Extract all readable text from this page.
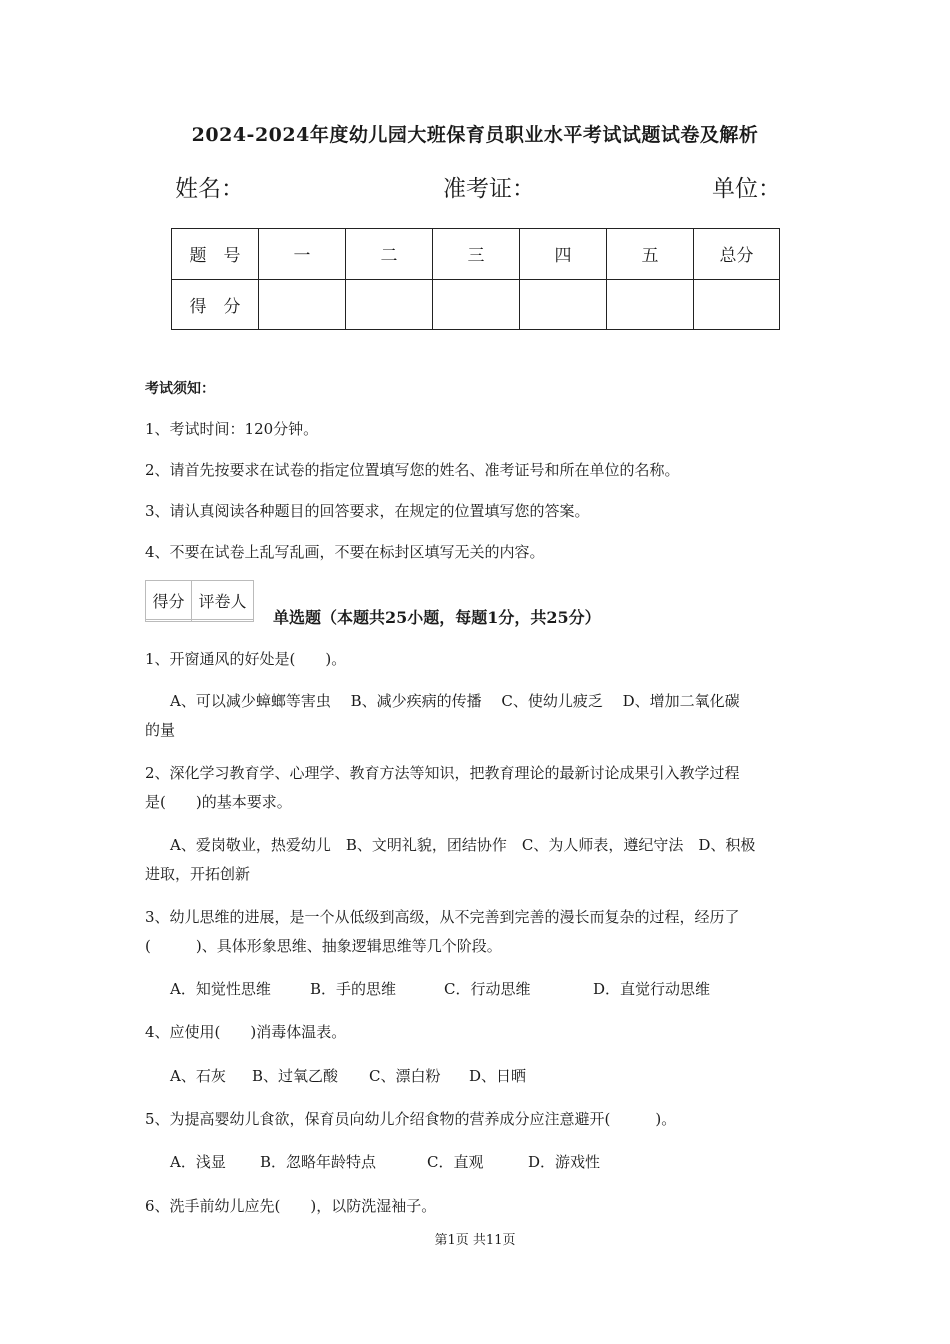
2024-2024年度幼儿园大班保育员职业水平考试试题试卷及解析
姓名：	准考证：	单位：
题　号	一	二	三	四	五	总分
得　分						
考试须知：
1、考试时间：120分钟。
2、请首先按要求在试卷的指定位置填写您的姓名、准考证号和所在单位的名称。
3、请认真阅读各种题目的回答要求，在规定的位置填写您的答案。
4、不要在试卷上乱写乱画，不要在标封区填写无关的内容。
得分	评卷人

单选题（本题共25小题，每题1分，共25分）
1、开窗通风的好处是(　　)。
A、可以减少蟑螂等害虫　 B、减少疾病的传播　 C、使幼儿疲乏　 D、增加二氧化碳
的量
2、深化学习教育学、心理学、教育方法等知识，把教育理论的最新讨论成果引入教学过程
是(　　)的基本要求。
A、爱岗敬业，热爱幼儿　B、文明礼貌，团结协作　C、为人师表，遵纪守法　D、积极
进取，开拓创新
3、幼儿思维的进展，是一个从低级到高级，从不完善到完善的漫长而复杂的过程，经历了
(　　　)、具体形象思维、抽象逻辑思维等几个阶段。
A．知觉性思维	B．手的思维	C．行动思维	D．直觉行动思维
4、应使用(　　)消毒体温表。
A、石灰 B、过氧乙酸 C、漂白粉 D、日晒
5、为提高婴幼儿食欲，保育员向幼儿介绍食物的营养成分应注意避开(　　　)。
A．浅显 B．忽略年龄特点	C．直观	D．游戏性
6、洗手前幼儿应先(　　)，以防洗湿袖子。
第1页 共11页
